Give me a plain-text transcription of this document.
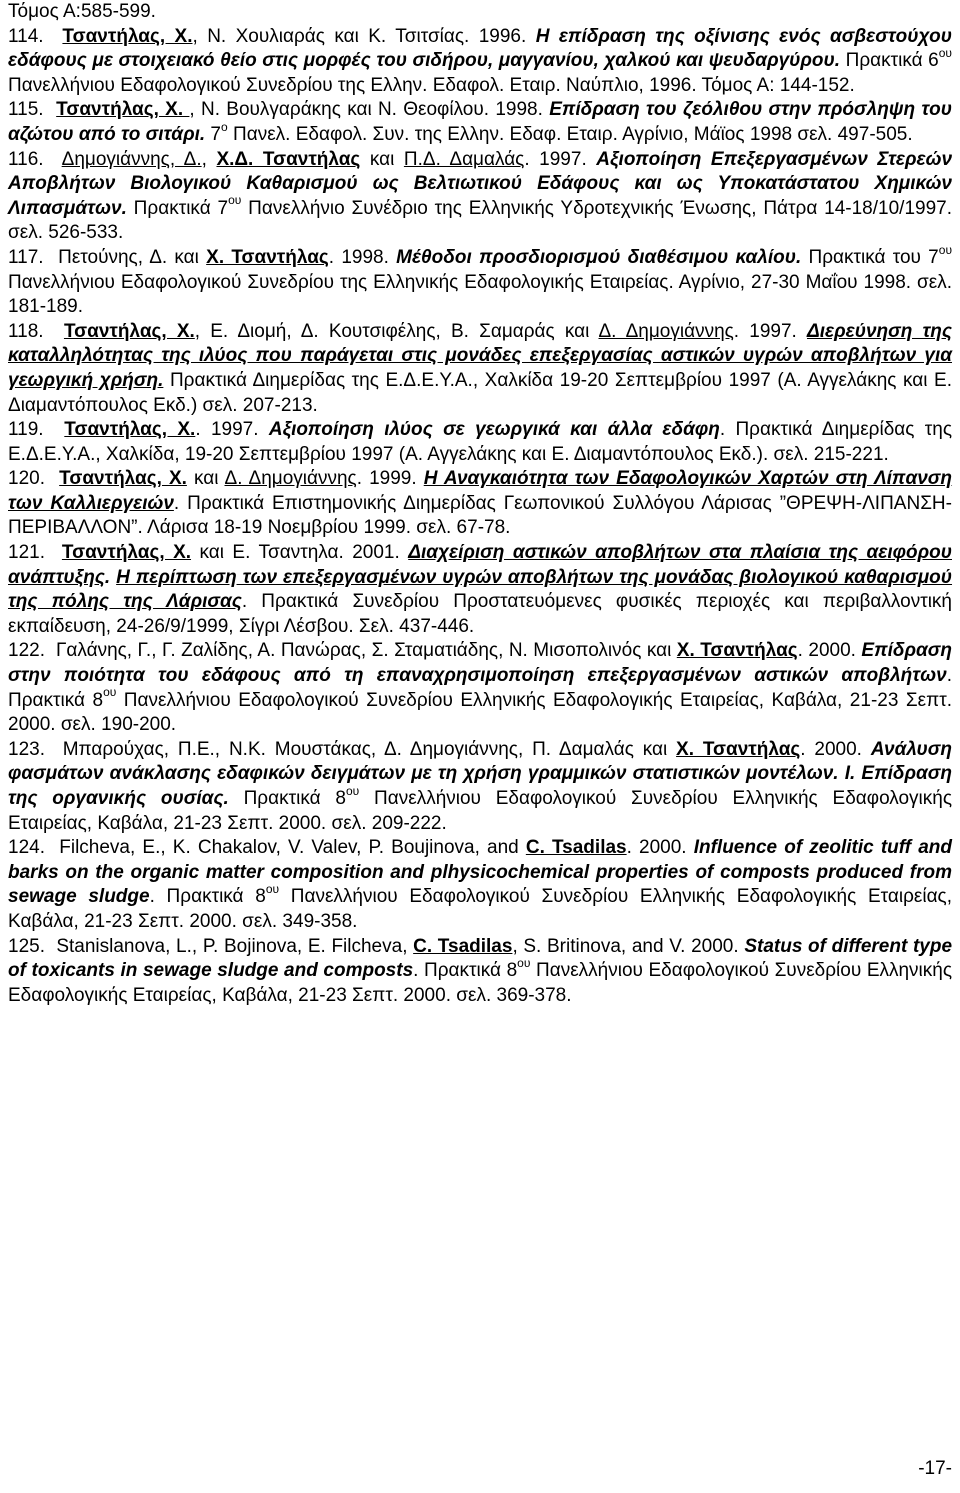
Τόμος Α:585-599.

114. Τσαντήλας, Χ., Ν. Χουλιαράς και Κ. Τσιτσίας. 1996. Η επίδραση της οξίνισης ενός ασβεστούχου εδάφους με στοιχειακό θείο στις μορφές του σιδήρου, μαγγανίου, χαλκού και ψευδαργύρου. Πρακτικά $6^{o\upsilon}$ Πανελλήνιου Εδαφολογικού Συνεδρίου της Ελλην. Εδαφολ. Εταιρ. Ναύπλιο, 1996. Τόμος Α: 144-152.

115. Τσαντήλας, Χ. , Ν. Βουλγαράκης και Ν. Θεοφίλου. 1998. Επίδραση του ζεόλιθου στην πρόσληψη του αζώτου από το σιτάρι. $7^o$ Πανελ. Εδαφολ. Συν. της Ελλην. Εδαφ. Εταιρ. Αγρίνιο, Μάϊος 1998 σελ. 497-505.

116. Δημογιάννης, Δ., Χ.Δ. Τσαντήλας και Π.Δ. Δαμαλάς. 1997. Αξιοποίηση Επεξεργασμένων Στερεών Αποβλήτων Βιολογικού Καθαρισμού ως Βελτιωτικού Εδάφους και ως Υποκατάστατου Χημικών Λιπασμάτων. Πρακτικά $7^{o\upsilon}$ Πανελλήνιο Συνέδριο της Ελληνικής Υδροτεχνικής Ένωσης, Πάτρα 14-18/10/1997. σελ. 526-533.

117. Πετούνης, Δ. και Χ. Τσαντήλας. 1998. Μέθοδοι προσδιορισμού διαθέσιμου καλίου. Πρακτικά του $7^{o\upsilon}$ Πανελλήνιου Εδαφολογικού Συνεδρίου της Ελληνικής Εδαφολογικής Εταιρείας. Αγρίνιο, 27-30 Μαΐου 1998. σελ. 181-189.

118. Τσαντήλας, Χ., Ε. Διομή, Δ. Κουτσιφέλης, Β. Σαμαράς και Δ. Δημογιάννης. 1997. Διερεύνηση της καταλληλότητας της ιλύος που παράγεται στις μονάδες επεξεργασίας αστικών υγρών αποβλήτων για γεωργική χρήση. Πρακτικά Διημερίδας της Ε.Δ.Ε.Υ.Α., Χαλκίδα 19-20 Σεπτεμβρίου 1997 (Α. Αγγελάκης και Ε. Διαμαντόπουλος Εκδ.) σελ. 207-213.

119. Τσαντήλας, Χ.. 1997. Αξιοποίηση ιλύος σε γεωργικά και άλλα εδάφη. Πρακτικά Διημερίδας της Ε.Δ.Ε.Υ.Α., Χαλκίδα, 19-20 Σεπτεμβρίου 1997 (Α. Αγγελάκης και Ε. Διαμαντόπουλος Εκδ.). σελ. 215-221.

120. Τσαντήλας, Χ. και Δ. Δημογιάννης. 1999. Η Αναγκαιότητα των Εδαφολογικών Χαρτών στη Λίπανση των Καλλιεργειών. Πρακτικά Επιστημονικής Διημερίδας Γεωπονικού Συλλόγου Λάρισας ”ΘΡΕΨΗ-ΛΙΠΑΝΣΗ-ΠΕΡΙΒΑΛΛΟΝ”. Λάρισα 18-19 Νοεμβρίου 1999. σελ. 67-78.

121. Τσαντήλας, Χ. και Ε. Τσαντηλα. 2001. Διαχείριση αστικών αποβλήτων στα πλαίσια της αειφόρου ανάπτυξης. Η περίπτωση των επεξεργασμένων υγρών αποβλήτων της μονάδας βιολογικού καθαρισμού της πόλης της Λάρισας. Πρακτικά Συνεδρίου Προστατευόμενες φυσικές περιοχές και περιβαλλοντική εκπαίδευση, 24-26/9/1999, Σίγρι Λέσβου. Σελ. 437-446.

122. Γαλάνης, Γ., Γ. Ζαλίδης, Α. Πανώρας, Σ. Σταματιάδης, Ν. Μισοπολινός και Χ. Τσαντήλας. 2000. Επίδραση στην ποιότητα του εδάφους από τη επαναχρησιμοποίηση επεξεργασμένων αστικών αποβλήτων. Πρακτικά $8^{o\upsilon}$ Πανελλήνιου Εδαφολογικού Συνεδρίου Ελληνικής Εδαφολογικής Εταιρείας, Καβάλα, 21-23 Σεπτ. 2000. σελ. 190-200.

123. Μπαρούχας, Π.Ε., Ν.Κ. Μουστάκας, Δ. Δημογιάννης, Π. Δαμαλάς και Χ. Τσαντήλας. 2000. Ανάλυση φασμάτων ανάκλασης εδαφικών δειγμάτων με τη χρήση γραμμικών στατιστικών μοντέλων. Ι. Επίδραση της οργανικής ουσίας. Πρακτικά $8^{o\upsilon}$ Πανελλήνιου Εδαφολογικού Συνεδρίου Ελληνικής Εδαφολογικής Εταιρείας, Καβάλα, 21-23 Σεπτ. 2000. σελ. 209-222.

124. Filcheva, E., K. Chakalov, V. Valev, P. Boujinova, and C. Tsadilas. 2000. Influence of zeolitic tuff and barks on the organic matter composition and plhysicochemical properties of composts produced from sewage sludge. Πρακτικά $8^{o\upsilon}$ Πανελλήνιου Εδαφολογικού Συνεδρίου Ελληνικής Εδαφολογικής Εταιρείας, Καβάλα, 21-23 Σεπτ. 2000. σελ. 349-358.

125. Stanislanova, L., P. Bojinova, E. Filcheva, C. Tsadilas, S. Britinova, and V. 2000. Status of different type of toxicants in sewage sludge and composts. Πρακτικά $8^{o\upsilon}$ Πανελλήνιου Εδαφολογικού Συνεδρίου Ελληνικής Εδαφολογικής Εταιρείας, Καβάλα, 21-23 Σεπτ. 2000. σελ. 369-378.

-17-
